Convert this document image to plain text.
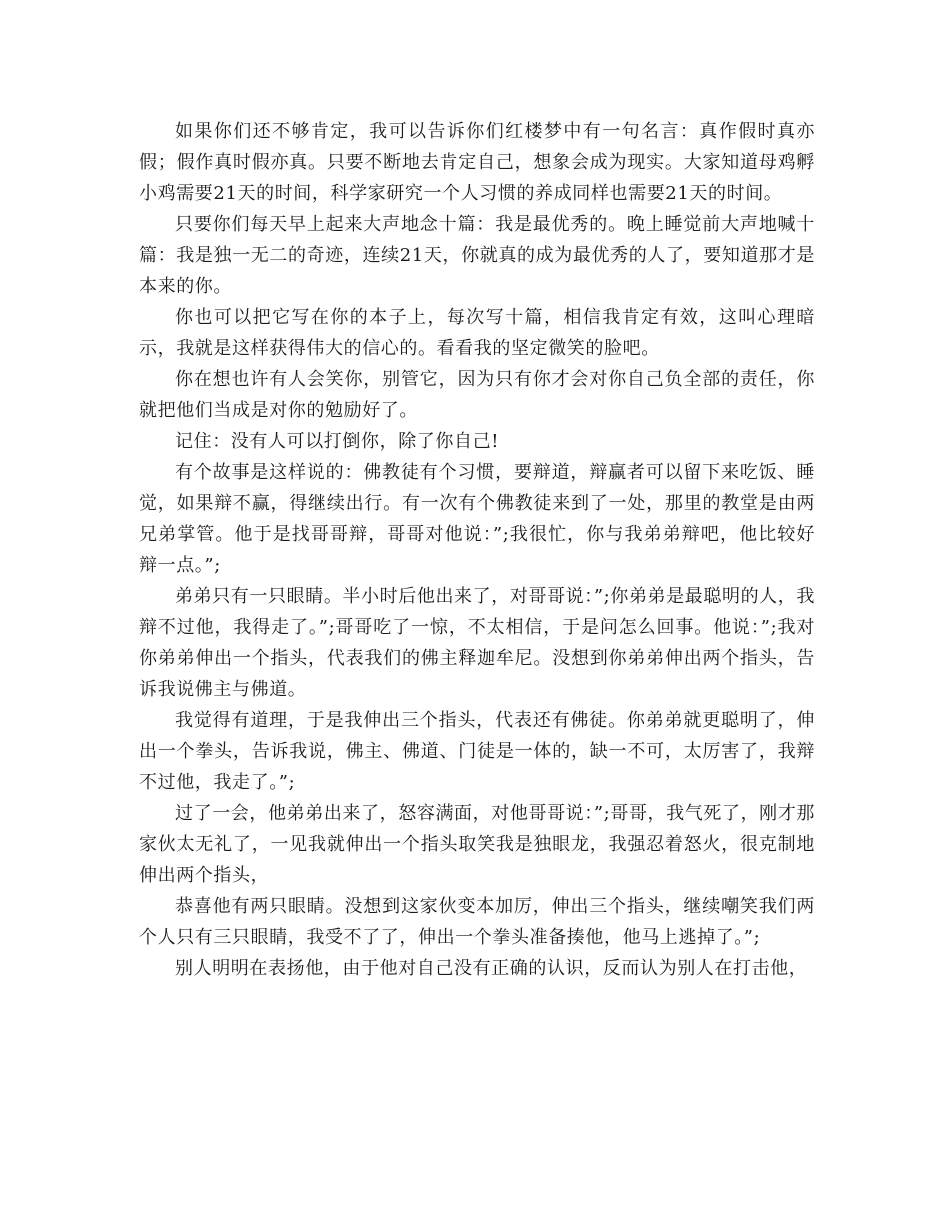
如果你们还不够肯定，我可以告诉你们红楼梦中有一句名言：真作假时真亦假；假作真时假亦真。只要不断地去肯定自己，想象会成为现实。大家知道母鸡孵小鸡需要21天的时间，科学家研究一个人习惯的养成同样也需要21天的时间。

只要你们每天早上起来大声地念十篇：我是最优秀的。晚上睡觉前大声地喊十篇：我是独一无二的奇迹，连续21天，你就真的成为最优秀的人了，要知道那才是本来的你。

你也可以把它写在你的本子上，每次写十篇，相信我肯定有效，这叫心理暗示，我就是这样获得伟大的信心的。看看我的坚定微笑的脸吧。

你在想也许有人会笑你，别管它，因为只有你才会对你自己负全部的责任，你就把他们当成是对你的勉励好了。

记住：没有人可以打倒你，除了你自己!

有个故事是这样说的：佛教徒有个习惯，要辩道，辩赢者可以留下来吃饭、睡觉，如果辩不赢，得继续出行。有一次有个佛教徒来到了一处，那里的教堂是由两兄弟掌管。他于是找哥哥辩，哥哥对他说：”;我很忙，你与我弟弟辩吧，他比较好辩一点。”;

弟弟只有一只眼睛。半小时后他出来了，对哥哥说：”;你弟弟是最聪明的人，我辩不过他，我得走了。”;哥哥吃了一惊，不太相信，于是问怎么回事。他说：”;我对你弟弟伸出一个指头，代表我们的佛主释迦牟尼。没想到你弟弟伸出两个指头，告诉我说佛主与佛道。

我觉得有道理，于是我伸出三个指头，代表还有佛徒。你弟弟就更聪明了，伸出一个拳头，告诉我说，佛主、佛道、门徒是一体的，缺一不可，太厉害了，我辩不过他，我走了。”;

过了一会，他弟弟出来了，怒容满面，对他哥哥说：”;哥哥，我气死了，刚才那家伙太无礼了，一见我就伸出一个指头取笑我是独眼龙，我强忍着怒火，很克制地伸出两个指头，

恭喜他有两只眼睛。没想到这家伙变本加厉，伸出三个指头，继续嘲笑我们两个人只有三只眼睛，我受不了了，伸出一个拳头准备揍他，他马上逃掉了。”;

别人明明在表扬他，由于他对自己没有正确的认识，反而认为别人在打击他，
